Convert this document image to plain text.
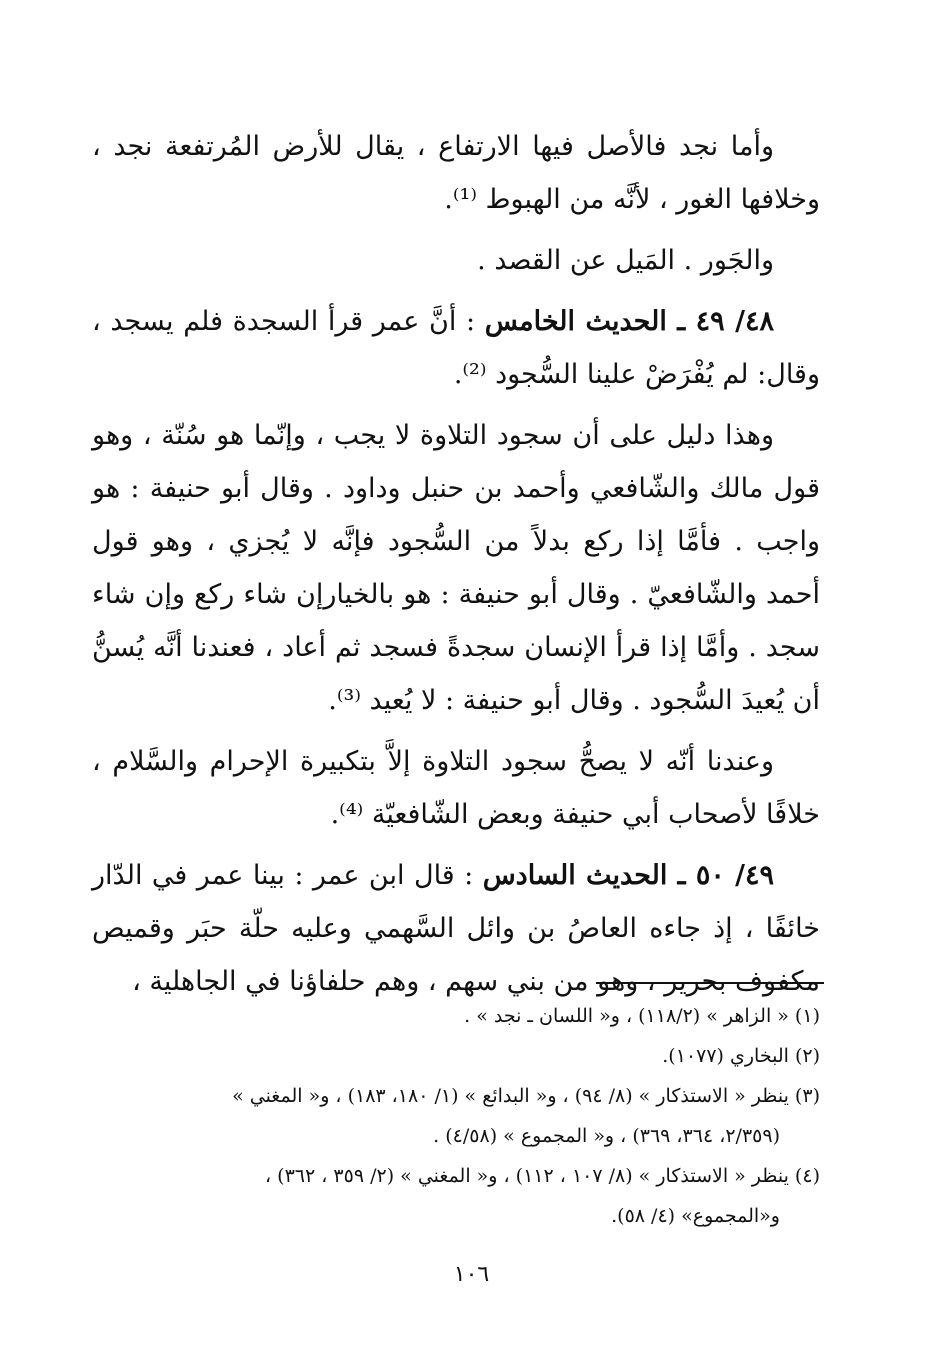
وأما نجد فالأصل فيها الارتفاع ، يقال للأرض المُرتفعة نجد ، وخلافها الغور ، لأنَّه من الهبوط ⁽¹⁾.

والجَور . المَيل عن القصد .

٤٨/ ٤٩ ـ الحديث الخامس : أنَّ عمر قرأ السجدة فلم يسجد ، وقال: لم يُفْرَضْ علينا السُّجود ⁽²⁾.

وهذا دليل على أن سجود التلاوة لا يجب ، وإنّما هو سُنّة ، وهو قول مالك والشّافعي وأحمد بن حنبل وداود . وقال أبو حنيفة : هو واجب . فأمَّا إذا ركع بدلاً من السُّجود فإنَّه لا يُجزي ، وهو قول أحمد والشّافعيّ . وقال أبو حنيفة : هو بالخيارإن شاء ركع وإن شاء سجد . وأمَّا إذا قرأ الإنسان سجدةً فسجد ثم أعاد ، فعندنا أنَّه يُسنُّ أن يُعيدَ السُّجود . وقال أبو حنيفة : لا يُعيد ⁽³⁾.

وعندنا أنّه لا يصحُّ سجود التلاوة إلاَّ بتكبيرة الإحرام والسَّلام ، خلافًا لأصحاب أبي حنيفة وبعض الشّافعيّة ⁽⁴⁾.

٤٩/ ٥٠ ـ الحديث السادس : قال ابن عمر : بينا عمر في الدّار خائفًا ، إذ جاءه العاصُ بن وائل السَّهمي وعليه حلّة حبَر وقميص مكفوف بحرير ، وهو من بني سهم ، وهم حلفاؤنا في الجاهلية ،

(١) « الزاهر » (١١٨/٢) ، و« اللسان ـ نجد » .

(٢) البخاري (١٠٧٧).

(٣) ينظر « الاستذكار » (٨/ ٩٤) ، و« البدائع » (١/ ١٨٠، ١٨٣) ، و« المغني »
(٢/٣٥٩، ٣٦٤، ٣٦٩) ، و« المجموع » (٤/٥٨) .

(٤) ينظر « الاستذكار » (٨/ ١٠٧ ، ١١٢) ، و« المغني » (٢/ ٣٥٩ ، ٣٦٢) ،
و«المجموع» (٤/ ٥٨).

١٠٦
